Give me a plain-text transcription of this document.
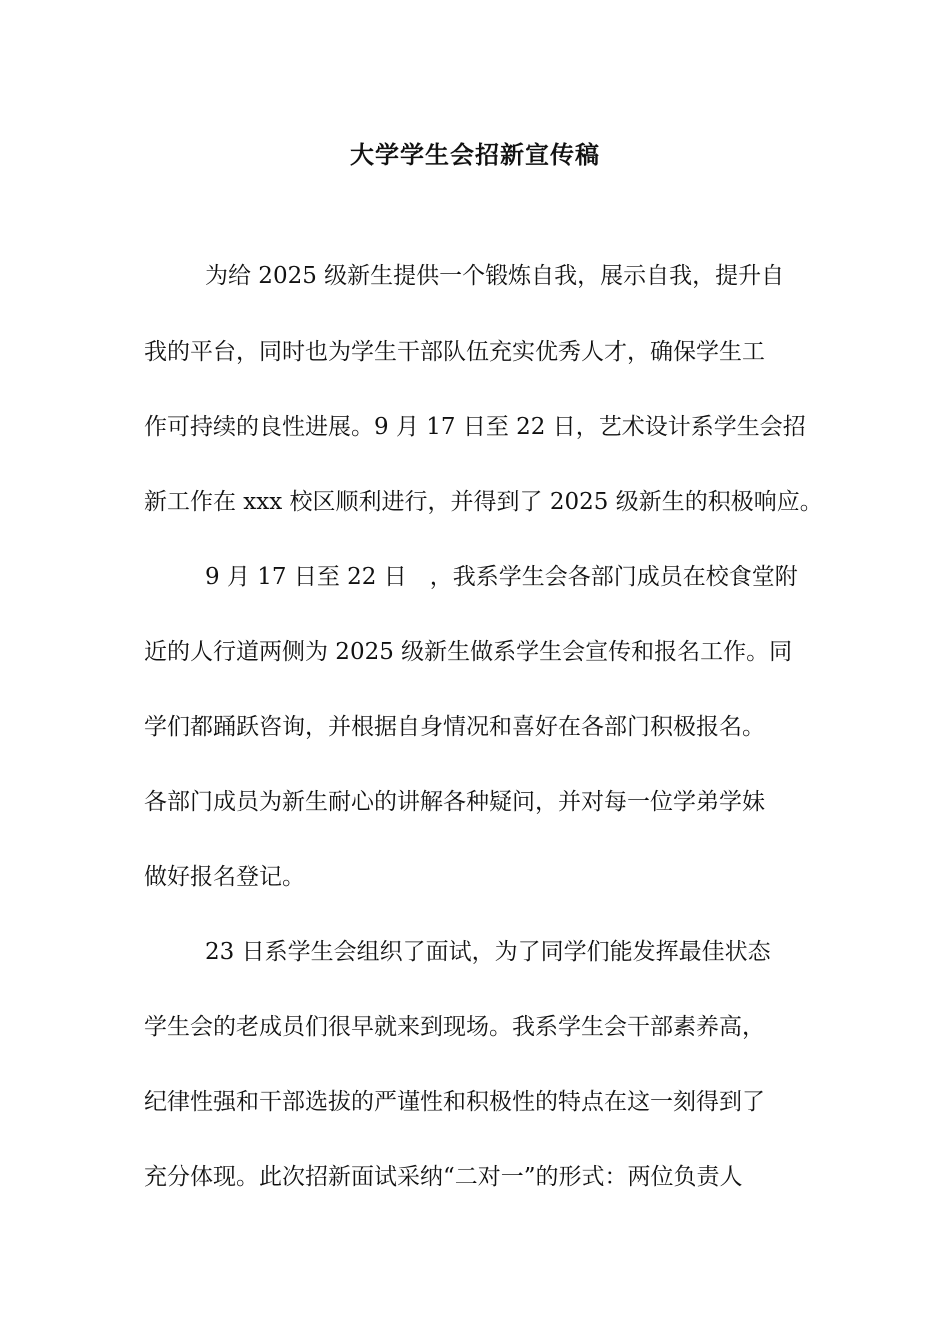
大学学生会招新宣传稿
为给 2025 级新生提供一个锻炼自我，展示自我，提升自
我的平台，同时也为学生干部队伍充实优秀人才，确保学生工
作可持续的良性进展。9 月 17 日至 22 日，艺术设计系学生会招
新工作在 xxx 校区顺利进行，并得到了 2025 级新生的积极响应。
9 月 17 日至 22 日　，我系学生会各部门成员在校食堂附
近的人行道两侧为 2025 级新生做系学生会宣传和报名工作。同
学们都踊跃咨询，并根据自身情况和喜好在各部门积极报名。
各部门成员为新生耐心的讲解各种疑问，并对每一位学弟学妹
做好报名登记。
23 日系学生会组织了面试，为了同学们能发挥最佳状态
学生会的老成员们很早就来到现场。我系学生会干部素养高，
纪律性强和干部选拔的严谨性和积极性的特点在这一刻得到了
充分体现。此次招新面试采纳“二对一”的形式：两位负责人
